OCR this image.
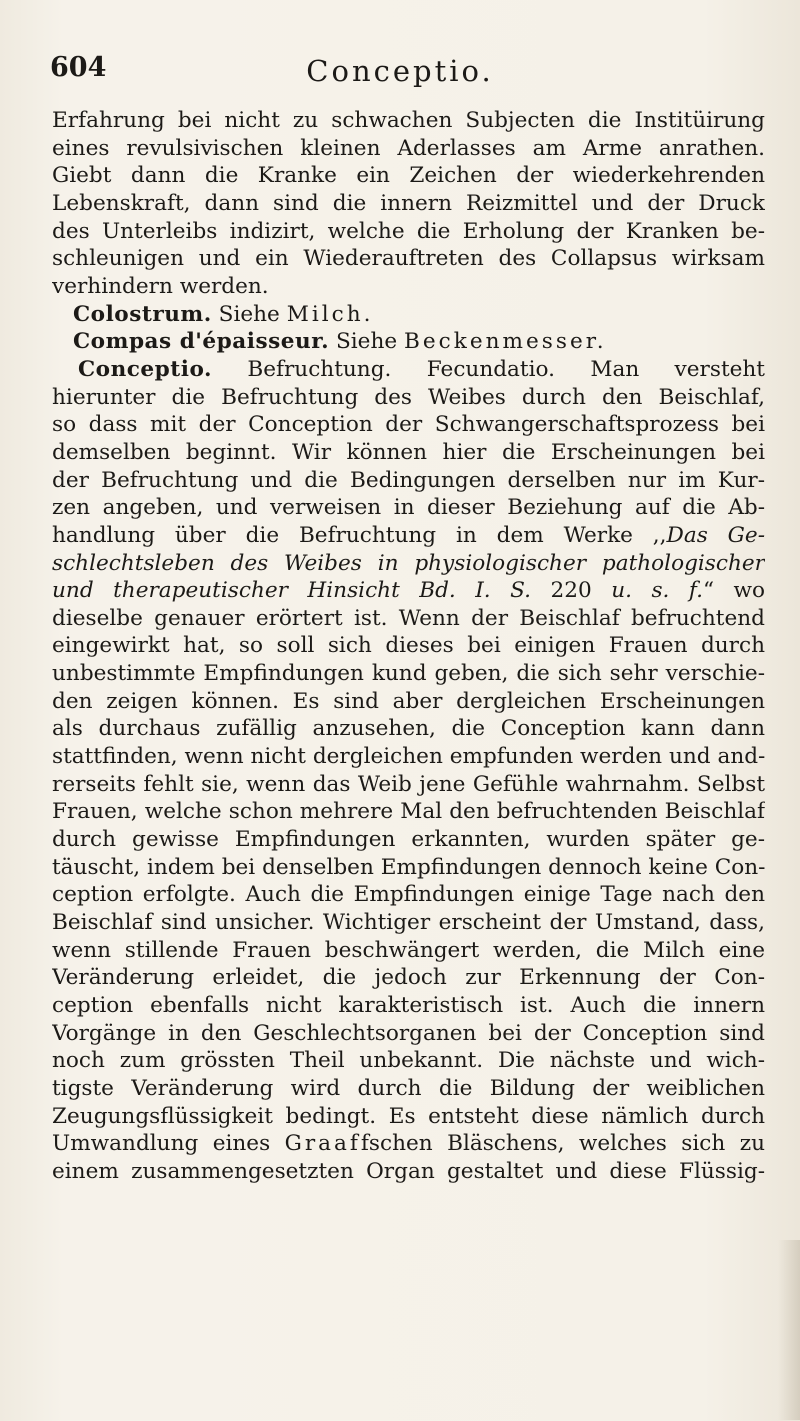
604	Conceptio.
Erfahrung bei nicht zu schwachen Subjecten die Institüirung
eines revulsivischen kleinen Aderlasses am Arme anrathen.
Giebt dann die Kranke ein Zeichen der wiederkehrenden
Lebenskraft, dann sind die innern Reizmittel und der Druck
des Unterleibs indizirt, welche die Erholung der Kranken be-
schleunigen und ein Wiederauftreten des Collapsus wirksam
verhindern werden.
Colostrum. Siehe Milch.
Compas d'épaisseur. Siehe Beckenmesser.
Conceptio. Befruchtung. Fecundatio. Man versteht
hierunter die Befruchtung des Weibes durch den Beischlaf,
so dass mit der Conception der Schwangerschaftsprozess bei
demselben beginnt. Wir können hier die Erscheinungen bei
der Befruchtung und die Bedingungen derselben nur im Kur-
zen angeben, und verweisen in dieser Beziehung auf die Ab-
handlung über die Befruchtung in dem Werke ,,Das Ge-
schlechtsleben des Weibes in physiologischer pathologischer
und therapeutischer Hinsicht Bd. I. S. 220 u. s. f.“ wo
dieselbe genauer erörtert ist. Wenn der Beischlaf befruchtend
eingewirkt hat, so soll sich dieses bei einigen Frauen durch
unbestimmte Empfindungen kund geben, die sich sehr verschie-
den zeigen können. Es sind aber dergleichen Erscheinungen
als durchaus zufällig anzusehen, die Conception kann dann
stattfinden, wenn nicht dergleichen empfunden werden und and-
rerseits fehlt sie, wenn das Weib jene Gefühle wahrnahm. Selbst
Frauen, welche schon mehrere Mal den befruchtenden Beischlaf
durch gewisse Empfindungen erkannten, wurden später ge-
täuscht, indem bei denselben Empfindungen dennoch keine Con-
ception erfolgte. Auch die Empfindungen einige Tage nach den
Beischlaf sind unsicher. Wichtiger erscheint der Umstand, dass,
wenn stillende Frauen beschwängert werden, die Milch eine
Veränderung erleidet, die jedoch zur Erkennung der Con-
ception ebenfalls nicht karakteristisch ist. Auch die innern
Vorgänge in den Geschlechtsorganen bei der Conception sind
noch zum grössten Theil unbekannt. Die nächste und wich-
tigste Veränderung wird durch die Bildung der weiblichen
Zeugungsflüssigkeit bedingt. Es entsteht diese nämlich durch
Umwandlung eines Graaffschen Bläschens, welches sich zu
einem zusammengesetzten Organ gestaltet und diese Flüssig-
